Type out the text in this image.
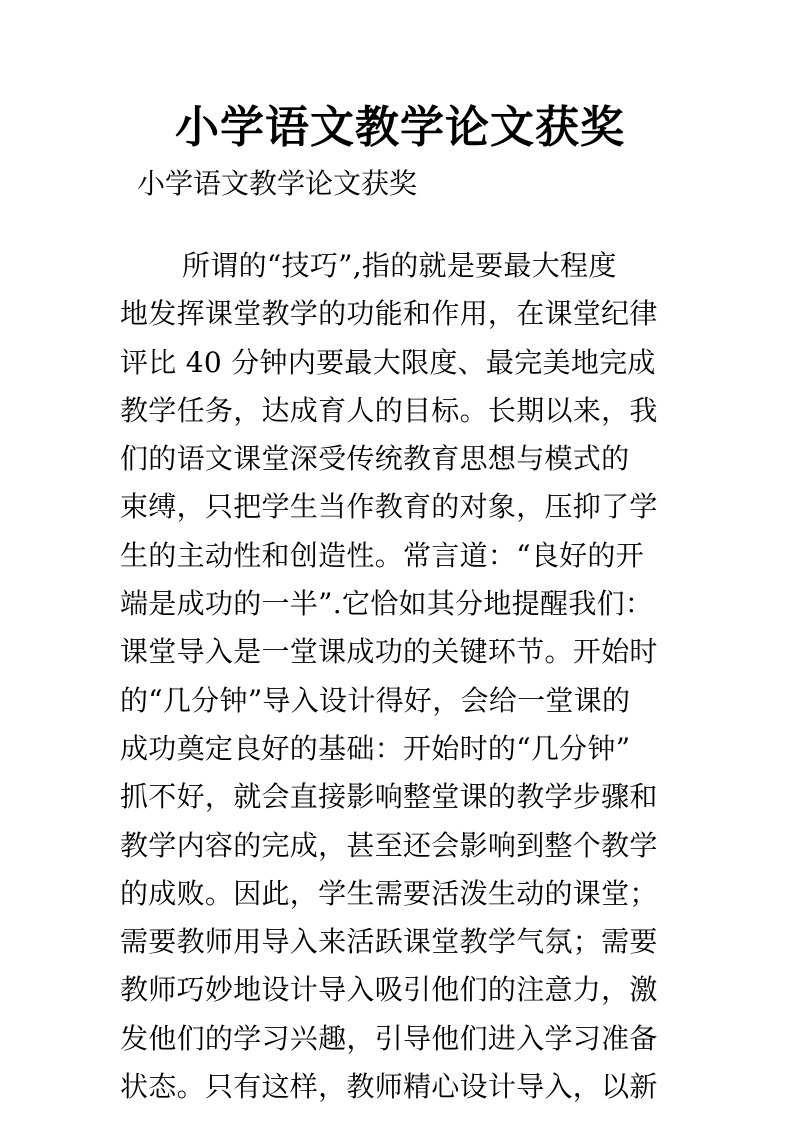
小学语文教学论文获奖
小学语文教学论文获奖
所谓的“技巧”,指的就是要最大程度
地发挥课堂教学的功能和作用，在课堂纪律
评比 40 分钟内要最大限度、最完美地完成
教学任务，达成育人的目标。长期以来，我
们的语文课堂深受传统教育思想与模式的
束缚，只把学生当作教育的对象，压抑了学
生的主动性和创造性。常言道：“良好的开
端是成功的一半”.它恰如其分地提醒我们：
课堂导入是一堂课成功的关键环节。开始时
的“几分钟”导入设计得好，会给一堂课的
成功奠定良好的基础：开始时的“几分钟”
抓不好，就会直接影响整堂课的教学步骤和
教学内容的完成，甚至还会影响到整个教学
的成败。因此，学生需要活泼生动的课堂；
需要教师用导入来活跃课堂教学气氛；需要
教师巧妙地设计导入吸引他们的注意力，激
发他们的学习兴趣，引导他们进入学习准备
状态。只有这样，教师精心设计导入，以新
